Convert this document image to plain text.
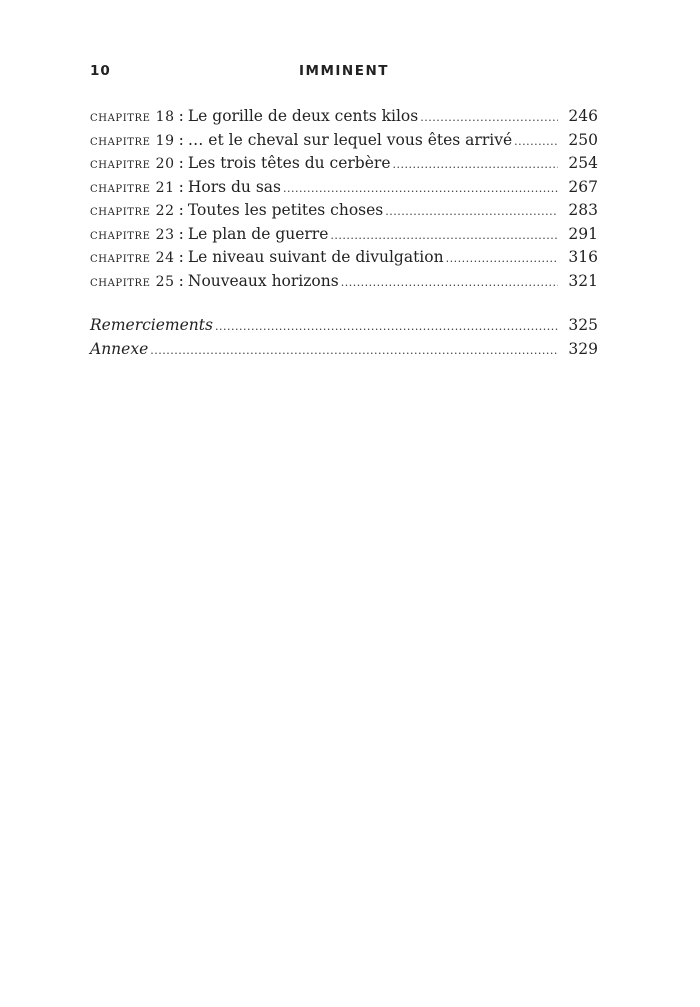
10	IMMINENT
chapitre 18 : Le gorille de deux cents kilos .....	246
chapitre 19 : … et le cheval sur lequel vous êtes arrivé .....	250
chapitre 20 : Les trois têtes du cerbère .....	254
chapitre 21 : Hors du sas .....	267
chapitre 22 : Toutes les petites choses .....	283
chapitre 23 : Le plan de guerre .....	291
chapitre 24 : Le niveau suivant de divulgation .....	316
chapitre 25 : Nouveaux horizons .....	321
Remerciements .....	325
Annexe .....	329
